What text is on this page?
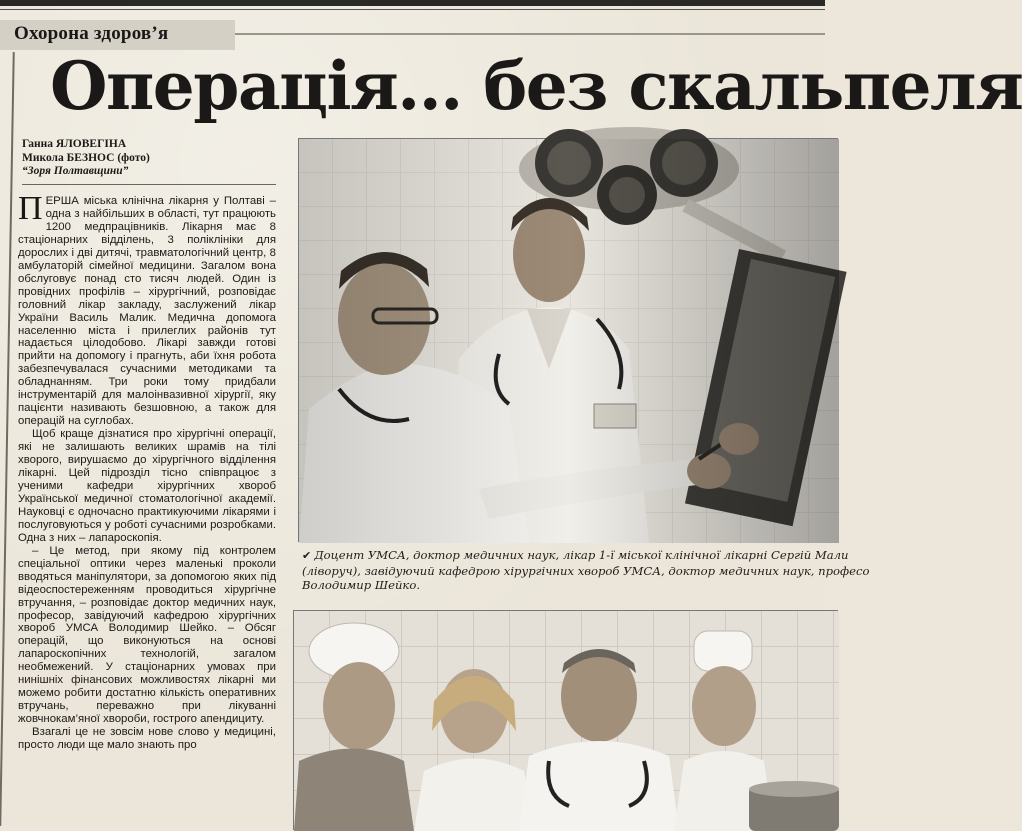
Охорона здоров’я
Операція... без скальпеля
Ганна ЯЛОВЕГІНА
Микола БЕЗНОС (фото)
“Зоря Полтавщини”

ПЕРША міська клінічна лікарня у Полтаві – одна з найбільших в області, тут працюють 1200 медпрацівників. Лікарня має 8 стаціонарних відділень, 3 поліклініки для дорослих і дві дитячі, травматологічний центр, 8 амбулаторій сімейної медицини. Загалом вона обслуговує понад сто тисяч людей. Один із провідних профілів – хірургічний, розповідає головний лікар закладу, заслужений лікар України Василь Малик. Медична допомога населенню міста і прилеглих районів тут надається цілодобово. Лікарі завжди готові прийти на допомогу і прагнуть, аби їхня робота забезпечувалася сучасними методиками та обладнанням. Три роки тому придбали інструментарій для малоінвазивної хірургії, яку пацієнти називають безшовною, а також для операцій на суглобах.

Щоб краще дізнатися про хірургічні операції, які не залишають великих шрамів на тілі хворого, вирушаємо до хірургічного відділення лікарні. Цей підрозділ тісно співпрацює з ученими кафедри хірургічних хвороб Української медичної стоматологічної академії. Науковці є одночасно практикуючими лікарями і послуговуються у роботі сучасними розробками. Одна з них – лапароскопія.

– Це метод, при якому під контролем спеціальної оптики через маленькі проколи вводяться маніпулятори, за допомогою яких під відеоспостереженням проводиться хірургічне втручання, – розповідає доктор медичних наук, професор, завідуючий кафедрою хірургічних хвороб УМСА Володимир Шейко. – Обсяг операцій, що виконуються на основі лапароскопічних технологій, загалом необмежений. У стаціонарних умовах при нинішніх фінансових можливостях лікарні ми можемо робити достатню кількість оперативних втручань, переважно при лікуванні жовчнокам’яної хвороби, гострого апендициту.

Взагалі це не зовсім нове слово у медицині, просто люди ще мало знають про

✔ Доцент УМСА, доктор медичних наук, лікар 1-ї міської клінічної лікарні Сергій Мали
(ліворуч), завідуючий кафедрою хірургічних хвороб УМСА, доктор медичних наук, професо
Володимир Шейко.
